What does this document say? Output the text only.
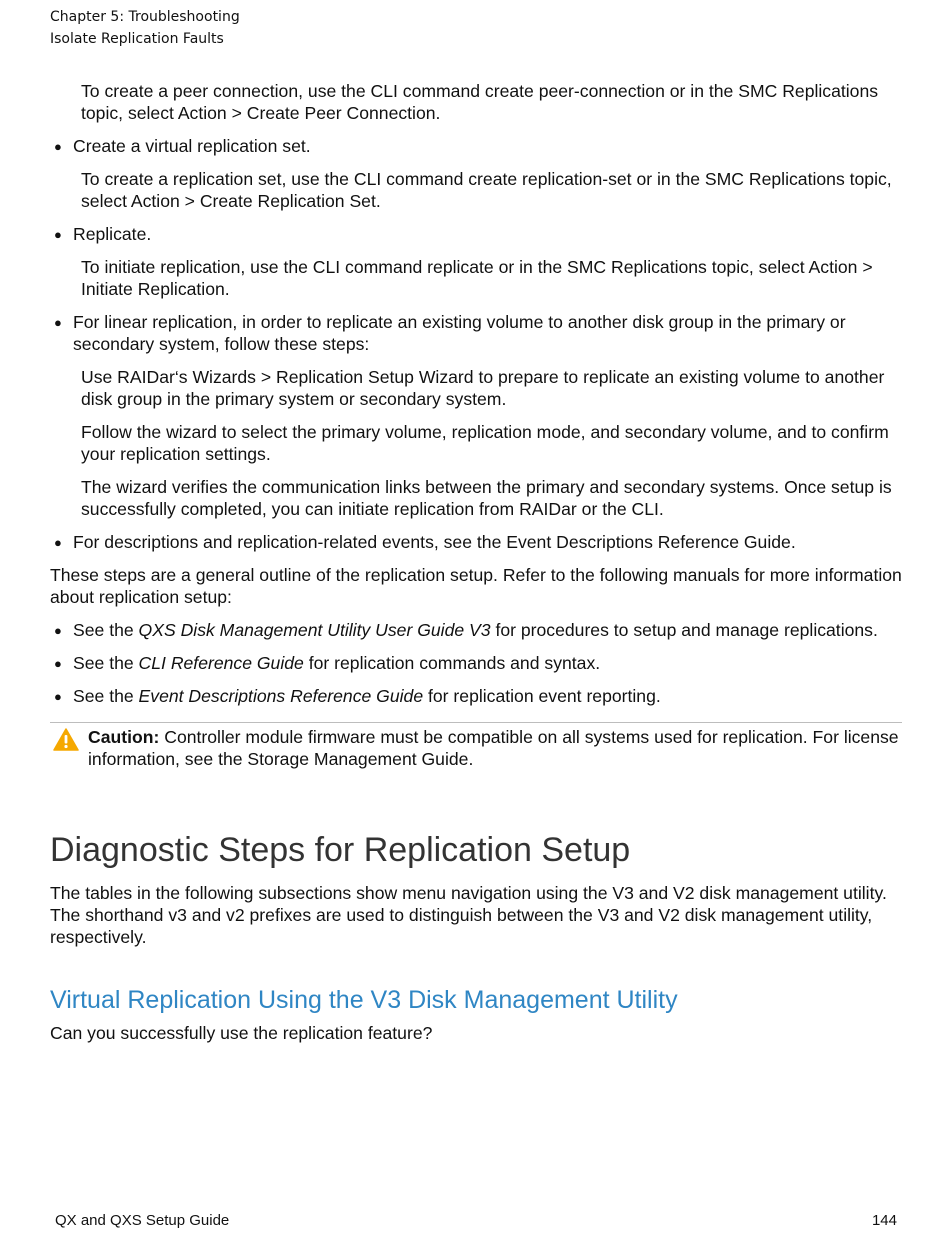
Chapter 5: Troubleshooting
Isolate Replication Faults
To create a peer connection, use the CLI command create peer-connection or in the SMC Replications topic, select Action > Create Peer Connection.
● Create a virtual replication set.
To create a replication set, use the CLI command create replication-set or in the SMC Replications topic, select Action > Create Replication Set.
● Replicate.
To initiate replication, use the CLI command replicate or in the SMC Replications topic, select Action > Initiate Replication.
● For linear replication, in order to replicate an existing volume to another disk group in the primary or secondary system, follow these steps:
Use RAIDar‘s Wizards > Replication Setup Wizard to prepare to replicate an existing volume to another disk group in the primary system or secondary system.
Follow the wizard to select the primary volume, replication mode, and secondary volume, and to confirm your replication settings.
The wizard verifies the communication links between the primary and secondary systems. Once setup is successfully completed, you can initiate replication from RAIDar or the CLI.
● For descriptions and replication-related events, see the Event Descriptions Reference Guide.
These steps are a general outline of the replication setup. Refer to the following manuals for more information about replication setup:
● See the QXS Disk Management Utility User Guide V3 for procedures to setup and manage replications.
● See the CLI Reference Guide for replication commands and syntax.
● See the Event Descriptions Reference Guide for replication event reporting.
Caution: Controller module firmware must be compatible on all systems used for replication. For license information, see the Storage Management Guide.
Diagnostic Steps for Replication Setup
The tables in the following subsections show menu navigation using the V3 and V2 disk management utility. The shorthand v3 and v2 prefixes are used to distinguish between the V3 and V2 disk management utility, respectively.
Virtual Replication Using the V3 Disk Management Utility
Can you successfully use the replication feature?
QX and QXS Setup Guide	144
